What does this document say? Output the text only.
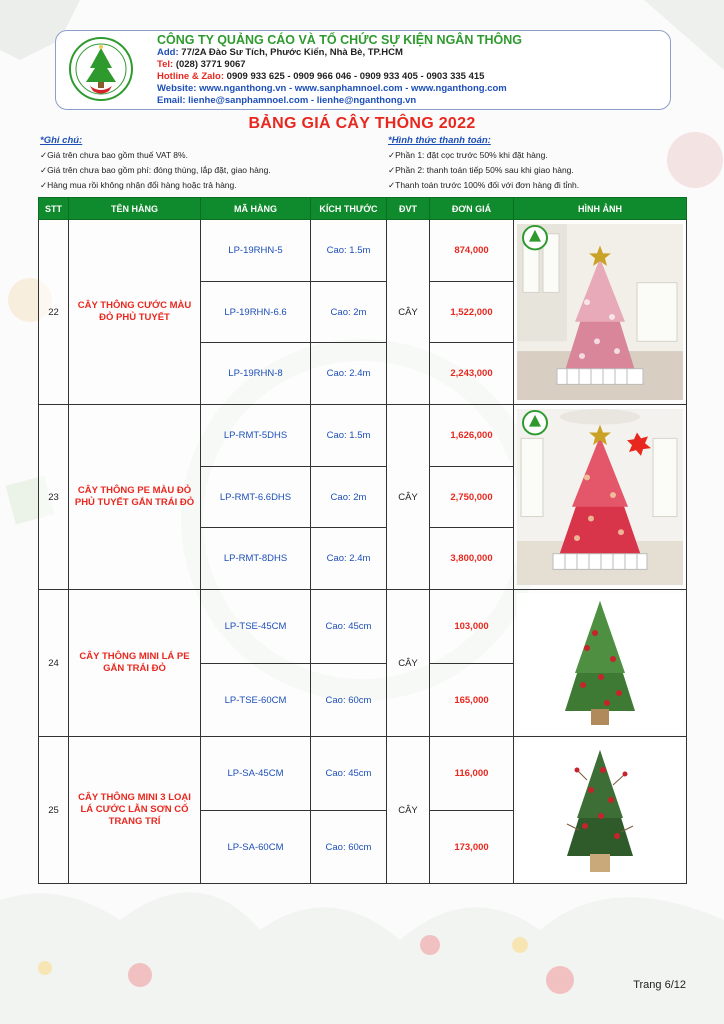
CÔNG TY QUẢNG CÁO VÀ TỔ CHỨC SỰ KIỆN NGÂN THÔNG
Add: 77/2A Đào Sư Tích, Phước Kiển, Nhà Bè, TP.HCM
Tel: (028) 3771 9067
Hotline & Zalo: 0909 933 625 - 0909 966 046 - 0909 933 405 - 0903 335 415
Website: www.nganthong.vn - www.sanphamnoel.com - www.nganthong.com
Email: lienhe@sanphamnoel.com - lienhe@nganthong.vn
BẢNG GIÁ CÂY THÔNG 2022
*Ghi chú:
✓Giá trên chưa bao gồm thuế VAT 8%.
✓Giá trên chưa bao gồm phí: đóng thùng, lắp đặt, giao hàng.
✓Hàng mua rồi không nhận đổi hàng hoặc trả hàng.
*Hình thức thanh toán:
✓Phần 1: đặt cọc trước 50% khi đặt hàng.
✓Phần 2: thanh toán tiếp 50% sau khi giao hàng.
✓Thanh toán trước 100% đối với đơn hàng đi tỉnh.
STT	TÊN HÀNG	MÃ HÀNG	KÍCH THƯỚC	ĐVT	ĐƠN GIÁ	HÌNH ẢNH
22	CÂY THÔNG CƯỚC MÀU ĐỎ PHỦ TUYẾT	LP-19RHN-5	Cao: 1.5m	CÂY	874,000	

		LP-19RHN-6.6	Cao: 2m		1,522,000	
		LP-19RHN-8	Cao: 2.4m		2,243,000	
23	CÂY THÔNG PE MÀU ĐỎ PHỦ TUYẾT GẮN TRÁI ĐỎ	LP-RMT-5DHS	Cao: 1.5m	CÂY	1,626,000	

		LP-RMT-6.6DHS	Cao: 2m		2,750,000	
		LP-RMT-8DHS	Cao: 2.4m		3,800,000	
24	CÂY THÔNG MINI LÁ PE GẮN TRÁI ĐỎ	LP-TSE-45CM	Cao: 45cm	CÂY	103,000	

		LP-TSE-60CM	Cao: 60cm		165,000	
25	CÂY THÔNG MINI 3 LOẠI LÁ CƯỚC LẪN SƠN CỐ TRANG TRÍ	LP-SA-45CM	Cao: 45cm	CÂY	116,000	

		LP-SA-60CM	Cao: 60cm		173,000	
Trang 6/12
